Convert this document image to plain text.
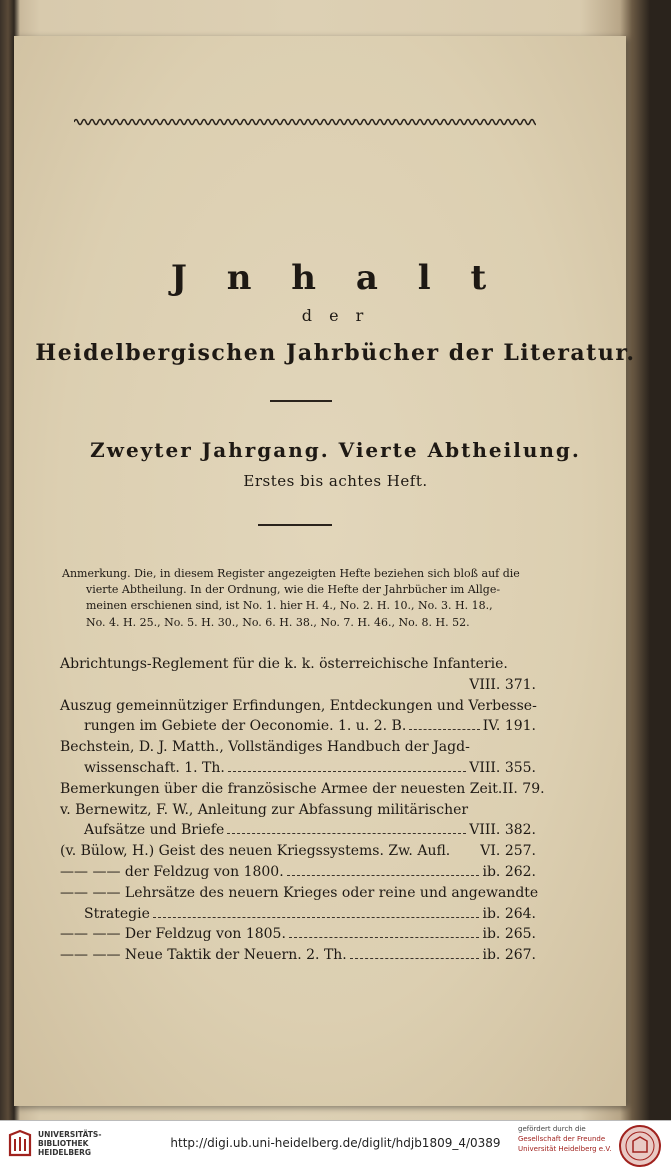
J n h a l t
d e r
Heidelbergischen Jahrbücher der Literatur.
Zweyter Jahrgang. Vierte Abtheilung.
Erstes bis achtes Heft.
Anmerkung. Die, in diesem Register angezeigten Hefte beziehen sich bloß auf die
vierte Abtheilung. In der Ordnung, wie die Hefte der Jahrbücher im Allge-
meinen erschienen sind, ist No. 1. hier H. 4., No. 2. H. 10., No. 3. H. 18.,
No. 4. H. 25., No. 5. H. 30., No. 6. H. 38., No. 7. H. 46., No. 8. H. 52.
Abrichtungs-Reglement für die k. k. österreichische Infanterie.
VIII. 371.
Auszug gemeinnütziger Erfindungen, Entdeckungen und Verbesse-
rungen im Gebiete der Oeconomie. 1. u. 2. B.	IV. 191.
Bechstein, D. J. Matth., Vollständiges Handbuch der Jagd-
wissenschaft. 1. Th.	VIII. 355.
Bemerkungen über die französische Armee der neuesten Zeit. II. 79.
v. Bernewitz, F. W., Anleitung zur Abfassung militärischer
Aufsätze und Briefe	VIII. 382.
(v. Bülow, H.) Geist des neuen Kriegssystems. Zw. Aufl. VI. 257.
—— —— der Feldzug von 1800.	ib. 262.
—— —— Lehrsätze des neuern Krieges oder reine und angewandte
Strategie	ib. 264.
—— —— Der Feldzug von 1805.	ib. 265.
—— —— Neue Taktik der Neuern. 2. Th.	ib. 267.
UNIVERSITÄTS-
BIBLIOTHEK
HEIDELBERG
http://digi.ub.uni-heidelberg.de/diglit/hdjb1809_4/0389
gefördert durch die
Gesellschaft der Freunde
Universität Heidelberg e.V.
